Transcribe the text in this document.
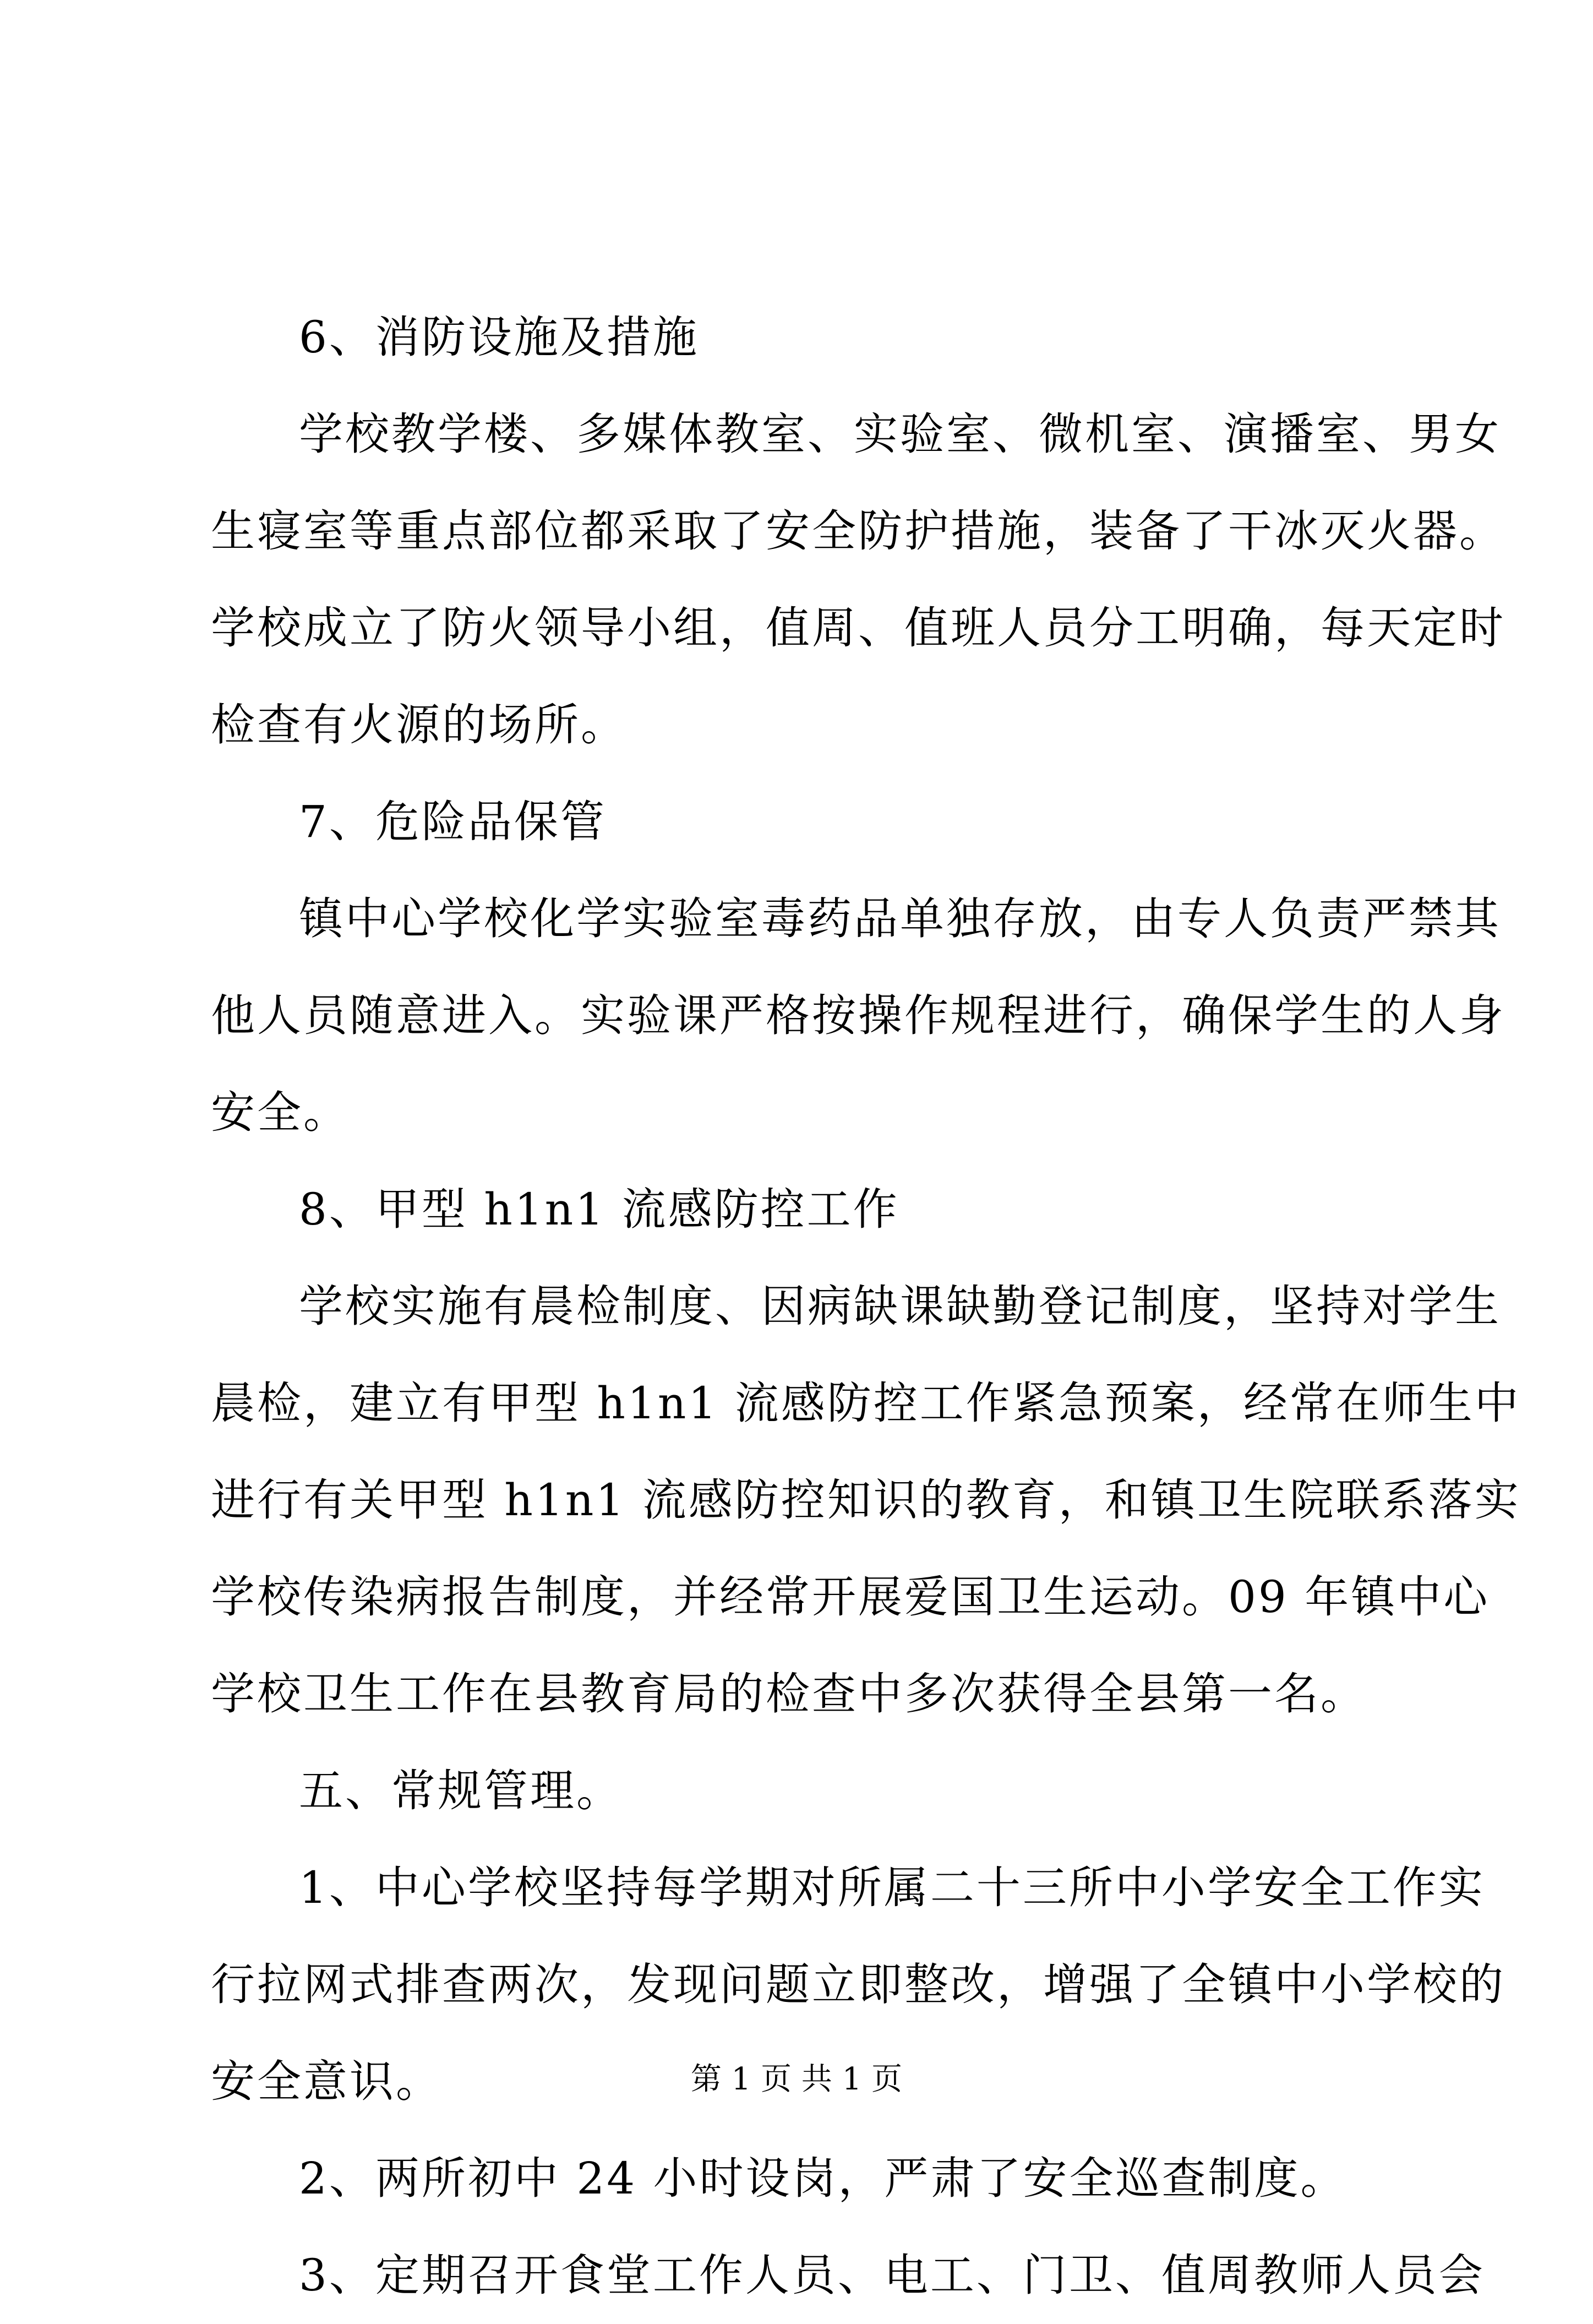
6、消防设施及措施
学校教学楼、多媒体教室、实验室、微机室、演播室、男女
生寝室等重点部位都采取了安全防护措施，装备了干冰灭火器。
学校成立了防火领导小组，值周、值班人员分工明确，每天定时
检查有火源的场所。
7、危险品保管
镇中心学校化学实验室毒药品单独存放，由专人负责严禁其
他人员随意进入。实验课严格按操作规程进行，确保学生的人身
安全。
8、甲型 h1n1 流感防控工作
学校实施有晨检制度、因病缺课缺勤登记制度，坚持对学生
晨检，建立有甲型 h1n1 流感防控工作紧急预案，经常在师生中
进行有关甲型 h1n1 流感防控知识的教育，和镇卫生院联系落实
学校传染病报告制度，并经常开展爱国卫生运动。09 年镇中心
学校卫生工作在县教育局的检查中多次获得全县第一名。
五、常规管理。
1、中心学校坚持每学期对所属二十三所中小学安全工作实
行拉网式排查两次，发现问题立即整改，增强了全镇中小学校的
安全意识。
2、两所初中 24 小时设岗，严肃了安全巡查制度。
3、定期召开食堂工作人员、电工、门卫、值周教师人员会
第 1 页 共 1 页
